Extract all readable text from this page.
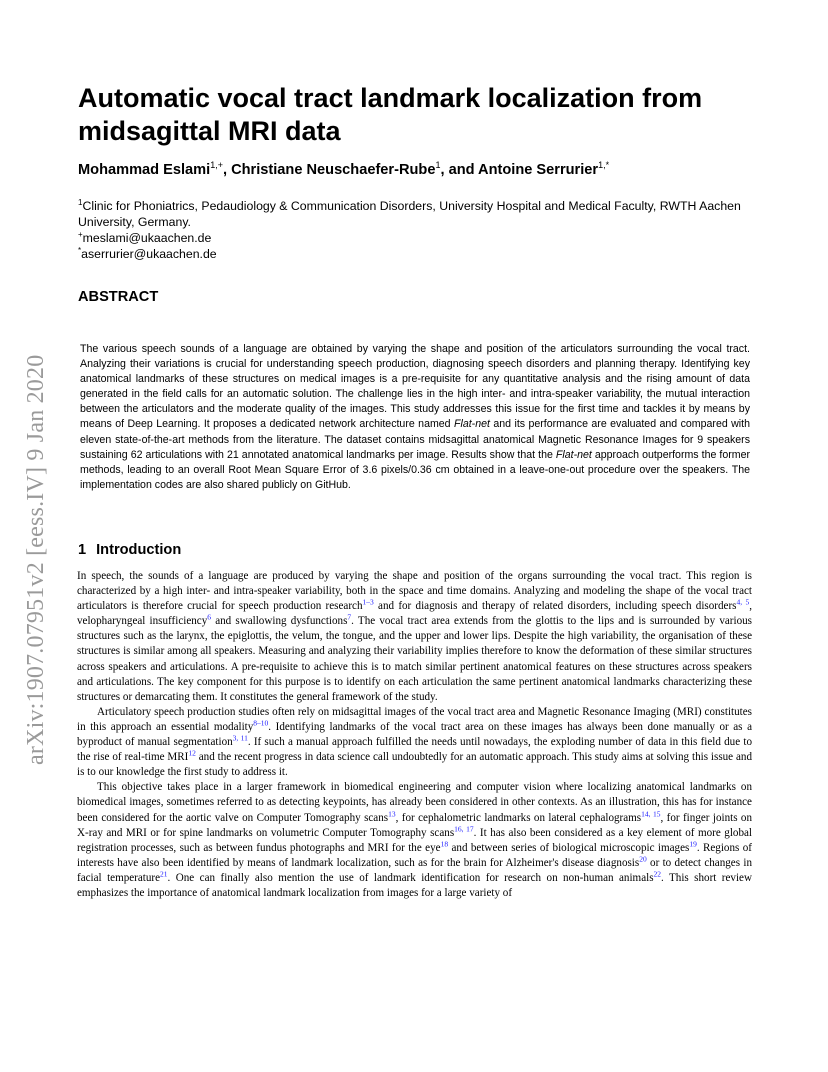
arXiv:1907.07951v2 [eess.IV] 9 Jan 2020
Automatic vocal tract landmark localization from midsagittal MRI data
Mohammad Eslami$^{1,+}$, Christiane Neuschaefer-Rube$^1$, and Antoine Serrurier$^{1,*}$
$^1$Clinic for Phoniatrics, Pedaudiology & Communication Disorders, University Hospital and Medical Faculty, RWTH Aachen University, Germany.
+meslami@ukaachen.de
*aserrurier@ukaachen.de
ABSTRACT

The various speech sounds of a language are obtained by varying the shape and position of the articulators surrounding the vocal tract. Analyzing their variations is crucial for understanding speech production, diagnosing speech disorders and planning therapy. Identifying key anatomical landmarks of these structures on medical images is a pre-requisite for any quantitative analysis and the rising amount of data generated in the field calls for an automatic solution. The challenge lies in the high inter- and intra-speaker variability, the mutual interaction between the articulators and the moderate quality of the images. This study addresses this issue for the first time and tackles it by means by means of Deep Learning. It proposes a dedicated network architecture named Flat-net and its performance are evaluated and compared with eleven state-of-the-art methods from the literature. The dataset contains midsagittal anatomical Magnetic Resonance Images for 9 speakers sustaining 62 articulations with 21 annotated anatomical landmarks per image. Results show that the Flat-net approach outperforms the former methods, leading to an overall Root Mean Square Error of 3.6 pixels/0.36 cm obtained in a leave-one-out procedure over the speakers. The implementation codes are also shared publicly on GitHub.

1 Introduction

In speech, the sounds of a language are produced by varying the shape and position of the organs surrounding the vocal tract. This region is characterized by a high inter- and intra-speaker variability, both in the space and time domains. Analyzing and modeling the shape of the vocal tract articulators is therefore crucial for speech production research$^{1-3}$ and for diagnosis and therapy of related disorders, including speech disorders$^{4, 5}$, velopharyngeal insufficiency$^6$ and swallowing dysfunctions$^7$. The vocal tract area extends from the glottis to the lips and is surrounded by various structures such as the larynx, the epiglottis, the velum, the tongue, and the upper and lower lips. Despite the high variability, the organisation of these structures is similar among all speakers. Measuring and analyzing their variability implies therefore to know the deformation of these similar structures across speakers and articulations. A pre-requisite to achieve this is to match similar pertinent anatomical features on these structures across speakers and articulations. The key component for this purpose is to identify on each articulation the same pertinent anatomical landmarks characterizing these structures or demarcating them. It constitutes the general framework of the study.

Articulatory speech production studies often rely on midsagittal images of the vocal tract area and Magnetic Resonance Imaging (MRI) constitutes in this approach an essential modality$^{8-10}$. Identifying landmarks of the vocal tract area on these images has always been done manually or as a byproduct of manual segmentation$^{3, 11}$. If such a manual approach fulfilled the needs until nowadays, the exploding number of data in this field due to the rise of real-time MRI$^{12}$ and the recent progress in data science call undoubtedly for an automatic approach. This study aims at solving this issue and is to our knowledge the first study to address it.

This objective takes place in a larger framework in biomedical engineering and computer vision where localizing anatomical landmarks on biomedical images, sometimes referred to as detecting keypoints, has already been considered in other contexts. As an illustration, this has for instance been considered for the aortic valve on Computer Tomography scans$^{13}$, for cephalometric landmarks on lateral cephalograms$^{14, 15}$, for finger joints on X-ray and MRI or for spine landmarks on volumetric Computer Tomography scans$^{16, 17}$. It has also been considered as a key element of more global registration processes, such as between fundus photographs and MRI for the eye$^{18}$ and between series of biological microscopic images$^{19}$. Regions of interests have also been identified by means of landmark localization, such as for the brain for Alzheimer's disease diagnosis$^{20}$ or to detect changes in facial temperature$^{21}$. One can finally also mention the use of landmark identification for research on non-human animals$^{22}$. This short review emphasizes the importance of anatomical landmark localization from images for a large variety of
